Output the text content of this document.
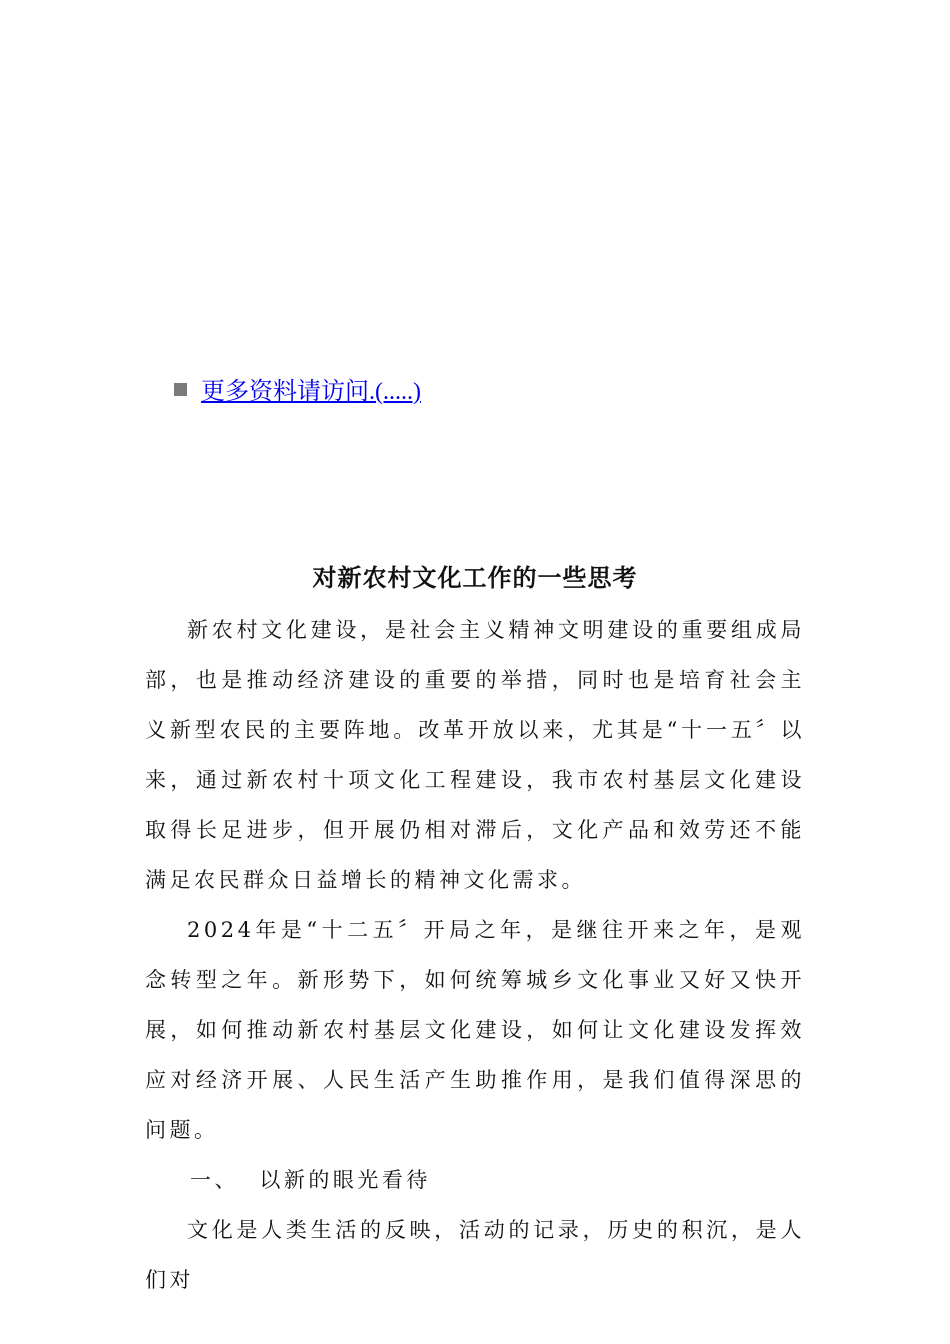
更多资料请访问.(.....)
对新农村文化工作的一些思考

新农村文化建设，是社会主义精神文明建设的重要组成局部，也是推动经济建设的重要的举措，同时也是培育社会主义新型农民的主要阵地。改革开放以来，尤其是“十一五〞以来，通过新农村十项文化工程建设，我市农村基层文化建设取得长足进步，但开展仍相对滞后，文化产品和效劳还不能满足农民群众日益增长的精神文化需求。

2024年是“十二五〞开局之年，是继往开来之年，是观念转型之年。新形势下，如何统筹城乡文化事业又好又快开展，如何推动新农村基层文化建设，如何让文化建设发挥效应对经济开展、人民生活产生助推作用，是我们值得深思的问题。

一、  以新的眼光看待

文化是人类生活的反映，活动的记录，历史的积沉，是人们对
